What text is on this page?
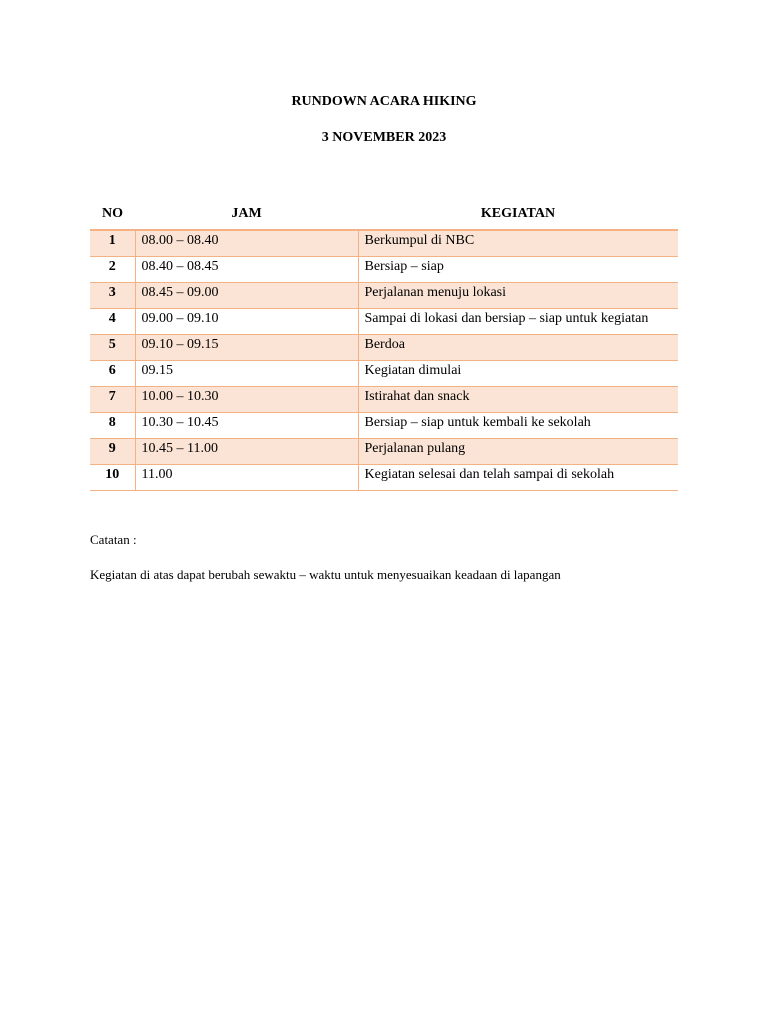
RUNDOWN ACARA HIKING
3 NOVEMBER 2023
NO	JAM	KEGIATAN
1	08.00 – 08.40	Berkumpul di NBC
2	08.40 – 08.45	Bersiap – siap
3	08.45 – 09.00	Perjalanan menuju lokasi
4	09.00 – 09.10	Sampai di lokasi dan bersiap – siap untuk kegiatan
5	09.10 – 09.15	Berdoa
6	09.15	Kegiatan dimulai
7	10.00 – 10.30	Istirahat dan snack
8	10.30 – 10.45	Bersiap – siap untuk kembali ke sekolah
9	10.45 – 11.00	Perjalanan pulang
10	11.00	Kegiatan selesai dan telah sampai di sekolah
Catatan :
Kegiatan di atas dapat berubah sewaktu – waktu untuk menyesuaikan keadaan di lapangan
